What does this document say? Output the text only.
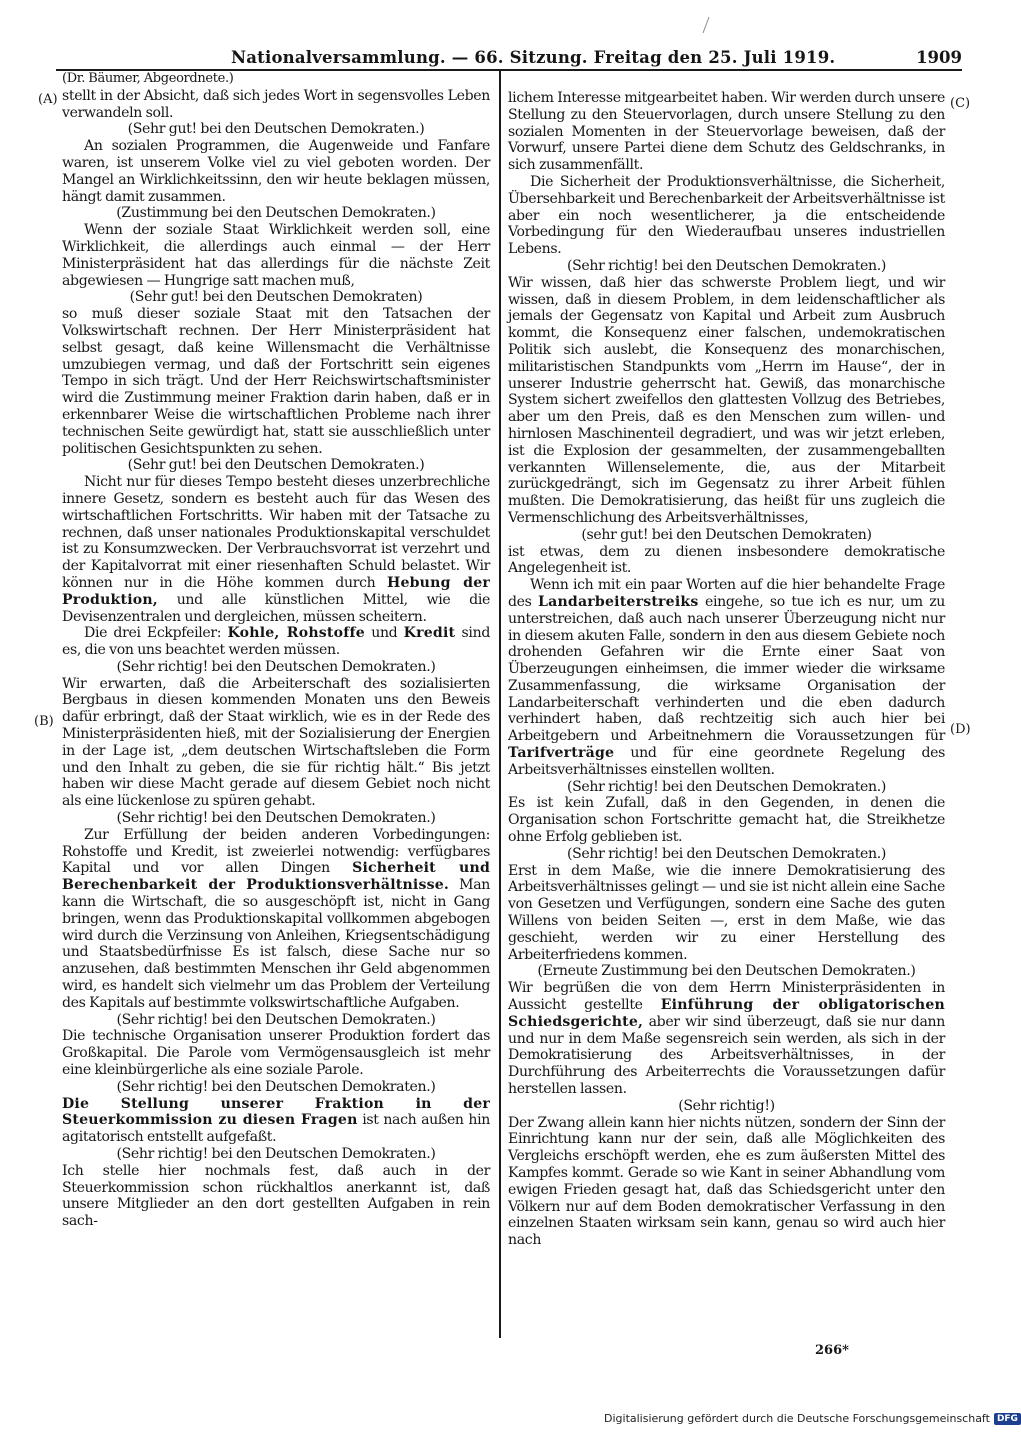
Nationalversammlung. — 66. Sitzung. Freitag den 25. Juli 1919.	1909
(A)
(B)
(C)
(D)

(Dr. Bäumer, Abgeordnete.)

stellt in der Absicht, daß sich jedes Wort in segensvolles Leben verwandeln soll.

(Sehr gut! bei den Deutschen Demokraten.)

An sozialen Programmen, die Augenweide und Fanfare waren, ist unserem Volke viel zu viel geboten worden. Der Mangel an Wirklichkeitssinn, den wir heute beklagen müssen, hängt damit zusammen.

(Zustimmung bei den Deutschen Demokraten.)

Wenn der soziale Staat Wirklichkeit werden soll, eine Wirklichkeit, die allerdings auch einmal — der Herr Ministerpräsident hat das allerdings für die nächste Zeit abgewiesen — Hungrige satt machen muß,

(Sehr gut! bei den Deutschen Demokraten)

so muß dieser soziale Staat mit den Tatsachen der Volkswirtschaft rechnen. Der Herr Ministerpräsident hat selbst gesagt, daß keine Willensmacht die Verhältnisse umzubiegen vermag, und daß der Fortschritt sein eigenes Tempo in sich trägt. Und der Herr Reichswirtschaftsminister wird die Zustimmung meiner Fraktion darin haben, daß er in erkennbarer Weise die wirtschaftlichen Probleme nach ihrer technischen Seite gewürdigt hat, statt sie ausschließlich unter politischen Gesichtspunkten zu sehen.

(Sehr gut! bei den Deutschen Demokraten.)

Nicht nur für dieses Tempo besteht dieses unzerbrechliche innere Gesetz, sondern es besteht auch für das Wesen des wirtschaftlichen Fortschritts. Wir haben mit der Tatsache zu rechnen, daß unser nationales Produktionskapital verschuldet ist zu Konsumzwecken. Der Verbrauchsvorrat ist verzehrt und der Kapitalvorrat mit einer riesenhaften Schuld belastet. Wir können nur in die Höhe kommen durch Hebung der Produktion, und alle künstlichen Mittel, wie die Devisenzentralen und dergleichen, müssen scheitern.

Die drei Eckpfeiler: Kohle, Rohstoffe und Kredit sind es, die von uns beachtet werden müssen.

(Sehr richtig! bei den Deutschen Demokraten.)

Wir erwarten, daß die Arbeiterschaft des sozialisierten Bergbaus in diesen kommenden Monaten uns den Beweis dafür erbringt, daß der Staat wirklich, wie es in der Rede des Ministerpräsidenten hieß, mit der Sozialisierung der Energien in der Lage ist, „dem deutschen Wirtschaftsleben die Form und den Inhalt zu geben, die sie für richtig hält.“ Bis jetzt haben wir diese Macht gerade auf diesem Gebiet noch nicht als eine lückenlose zu spüren gehabt.

(Sehr richtig! bei den Deutschen Demokraten.)

Zur Erfüllung der beiden anderen Vorbedingungen: Rohstoffe und Kredit, ist zweierlei notwendig: verfügbares Kapital und vor allen Dingen Sicherheit und Berechenbarkeit der Produktionsverhältnisse. Man kann die Wirtschaft, die so ausgeschöpft ist, nicht in Gang bringen, wenn das Produktionskapital vollkommen abgebogen wird durch die Verzinsung von Anleihen, Kriegsentschädigung und Staatsbedürfnisse Es ist falsch, diese Sache nur so anzusehen, daß bestimmten Menschen ihr Geld abgenommen wird, es handelt sich vielmehr um das Problem der Verteilung des Kapitals auf bestimmte volkswirtschaftliche Aufgaben.

(Sehr richtig! bei den Deutschen Demokraten.)

Die technische Organisation unserer Produktion fordert das Großkapital. Die Parole vom Vermögensausgleich ist mehr eine kleinbürgerliche als eine soziale Parole.

(Sehr richtig! bei den Deutschen Demokraten.)

Die Stellung unserer Fraktion in der Steuerkommission zu diesen Fragen ist nach außen hin agitatorisch entstellt aufgefaßt.

(Sehr richtig! bei den Deutschen Demokraten.)

Ich stelle hier nochmals fest, daß auch in der Steuerkommission schon rückhaltlos anerkannt ist, daß unsere Mitglieder an den dort gestellten Aufgaben in rein sach-

lichem Interesse mitgearbeitet haben. Wir werden durch unsere Stellung zu den Steuervorlagen, durch unsere Stellung zu den sozialen Momenten in der Steuervorlage beweisen, daß der Vorwurf, unsere Partei diene dem Schutz des Geldschranks, in sich zusammenfällt.

Die Sicherheit der Produktionsverhältnisse, die Sicherheit, Übersehbarkeit und Berechenbarkeit der Arbeitsverhältnisse ist aber ein noch wesentlicherer, ja die entscheidende Vorbedingung für den Wiederaufbau unseres industriellen Lebens.

(Sehr richtig! bei den Deutschen Demokraten.)

Wir wissen, daß hier das schwerste Problem liegt, und wir wissen, daß in diesem Problem, in dem leidenschaftlicher als jemals der Gegensatz von Kapital und Arbeit zum Ausbruch kommt, die Konsequenz einer falschen, undemokratischen Politik sich auslebt, die Konsequenz des monarchischen, militaristischen Standpunkts vom „Herrn im Hause“, der in unserer Industrie geherrscht hat. Gewiß, das monarchische System sichert zweifellos den glattesten Vollzug des Betriebes, aber um den Preis, daß es den Menschen zum willen- und hirnlosen Maschinenteil degradiert, und was wir jetzt erleben, ist die Explosion der gesammelten, der zusammengeballten verkannten Willenselemente, die, aus der Mitarbeit zurückgedrängt, sich im Gegensatz zu ihrer Arbeit fühlen mußten. Die Demokratisierung, das heißt für uns zugleich die Vermenschlichung des Arbeitsverhältnisses,

(sehr gut! bei den Deutschen Demokraten)

ist etwas, dem zu dienen insbesondere demokratische Angelegenheit ist.

Wenn ich mit ein paar Worten auf die hier behandelte Frage des Landarbeiterstreiks eingehe, so tue ich es nur, um zu unterstreichen, daß auch nach unserer Überzeugung nicht nur in diesem akuten Falle, sondern in den aus diesem Gebiete noch drohenden Gefahren wir die Ernte einer Saat von Überzeugungen einheimsen, die immer wieder die wirksame Zusammenfassung, die wirksame Organisation der Landarbeiterschaft verhinderten und die eben dadurch verhindert haben, daß rechtzeitig sich auch hier bei Arbeitgebern und Arbeitnehmern die Voraussetzungen für Tarifverträge und für eine geordnete Regelung des Arbeitsverhältnisses einstellen wollten.

(Sehr richtig! bei den Deutschen Demokraten.)

Es ist kein Zufall, daß in den Gegenden, in denen die Organisation schon Fortschritte gemacht hat, die Streikhetze ohne Erfolg geblieben ist.

(Sehr richtig! bei den Deutschen Demokraten.)

Erst in dem Maße, wie die innere Demokratisierung des Arbeitsverhältnisses gelingt — und sie ist nicht allein eine Sache von Gesetzen und Verfügungen, sondern eine Sache des guten Willens von beiden Seiten —, erst in dem Maße, wie das geschieht, werden wir zu einer Herstellung des Arbeiterfriedens kommen.

(Erneute Zustimmung bei den Deutschen Demokraten.)

Wir begrüßen die von dem Herrn Ministerpräsidenten in Aussicht gestellte Einführung der obligatorischen Schiedsgerichte, aber wir sind überzeugt, daß sie nur dann und nur in dem Maße segensreich sein werden, als sich in der Demokratisierung des Arbeitsverhältnisses, in der Durchführung des Arbeiterrechts die Voraussetzungen dafür herstellen lassen.

(Sehr richtig!)

Der Zwang allein kann hier nichts nützen, sondern der Sinn der Einrichtung kann nur der sein, daß alle Möglichkeiten des Vergleichs erschöpft werden, ehe es zum äußersten Mittel des Kampfes kommt. Gerade so wie Kant in seiner Abhandlung vom ewigen Frieden gesagt hat, daß das Schiedsgericht unter den Völkern nur auf dem Boden demokratischer Verfassung in den einzelnen Staaten wirksam sein kann, genau so wird auch hier nach

266*
Digitalisierung gefördert durch die Deutsche Forschungsgemeinschaft DFG
